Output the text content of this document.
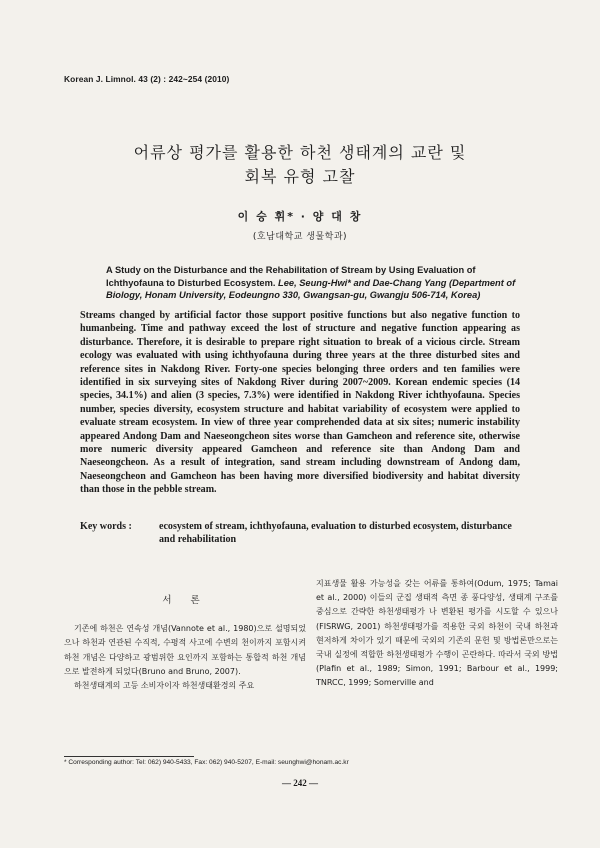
Korean J. Limnol. 43 (2) : 242~254 (2010)
어류상 평가를 활용한 하천 생태계의 교란 및
회복 유형 고찰
이 승 휘* · 양 대 창
(호남대학교 생물학과)
A Study on the Disturbance and the Rehabilitation of Stream by Using Evaluation of Ichthyofauna to Disturbed Ecosystem. Lee, Seung-Hwi* and Dae-Chang Yang (Department of Biology, Honam University, Eodeungno 330, Gwangsan-gu, Gwangju 506-714, Korea)
Streams changed by artificial factor those support positive functions but also negative function to humanbeing. Time and pathway exceed the lost of structure and negative function appearing as disturbance. Therefore, it is desirable to prepare right situation to break of a vicious circle. Stream ecology was evaluated with using ichthyofauna during three years at the three disturbed sites and reference sites in Nakdong River. Forty-one species belonging three orders and ten families were identified in six surveying sites of Nakdong River during 2007~2009. Korean endemic species (14 species, 34.1%) and alien (3 species, 7.3%) were identified in Nakdong River ichthyofauna. Species number, species diversity, ecosystem structure and habitat variability of ecosystem were applied to evaluate stream ecosystem. In view of three year comprehended data at six sites; numeric instability appeared Andong Dam and Naeseongcheon sites worse than Gamcheon and reference site, otherwise more numeric diversity appeared Gamcheon and reference site than Andong Dam and Naeseongcheon. As a result of integration, sand stream including downstream of Andong dam, Naeseongcheon and Gamcheon has been having more diversified biodiversity and habitat diversity than those in the pebble stream.
Key words :	ecosystem of stream, ichthyofauna, evaluation to disturbed ecosystem, disturbance and rehabilitation
서 론

기존에 하천은 연속성 개념(Vannote et al., 1980)으로 설명되었으나 하천과 연관된 수직적, 수평적 사고에 수변의 천이까지 포함시켜 하천 개념은 다양하고 광범위한 요인까지 포함하는 통합적 하천 개념으로 발전하게 되었다(Bruno and Bruno, 2007).

하천생태계의 고등 소비자이자 하천생태환경의 주요

지표생물 활용 가능성을 갖는 어류를 통하여(Odum, 1975; Tamai et al., 2000) 이들의 군집 생태적 측면 종 풍다양성, 생태계 구조를 중심으로 간략한 하천생태평가 나 변환된 평가를 시도할 수 있으나(FISRWG, 2001) 하천생태평가를 적용한 국외 하천이 국내 하천과 현저하게 차이가 있기 때문에 국외의 기존의 문헌 및 방법론만으로는 국내 실정에 적합한 하천생태평가 수행이 곤란하다. 따라서 국외 방법(Plafin et al., 1989; Simon, 1991; Barbour et al., 1999; TNRCC, 1999; Somerville and

* Corresponding author: Tel: 062) 940-5433, Fax: 062) 940-5207, E-mail: seunghwi@honam.ac.kr
— 242 —
